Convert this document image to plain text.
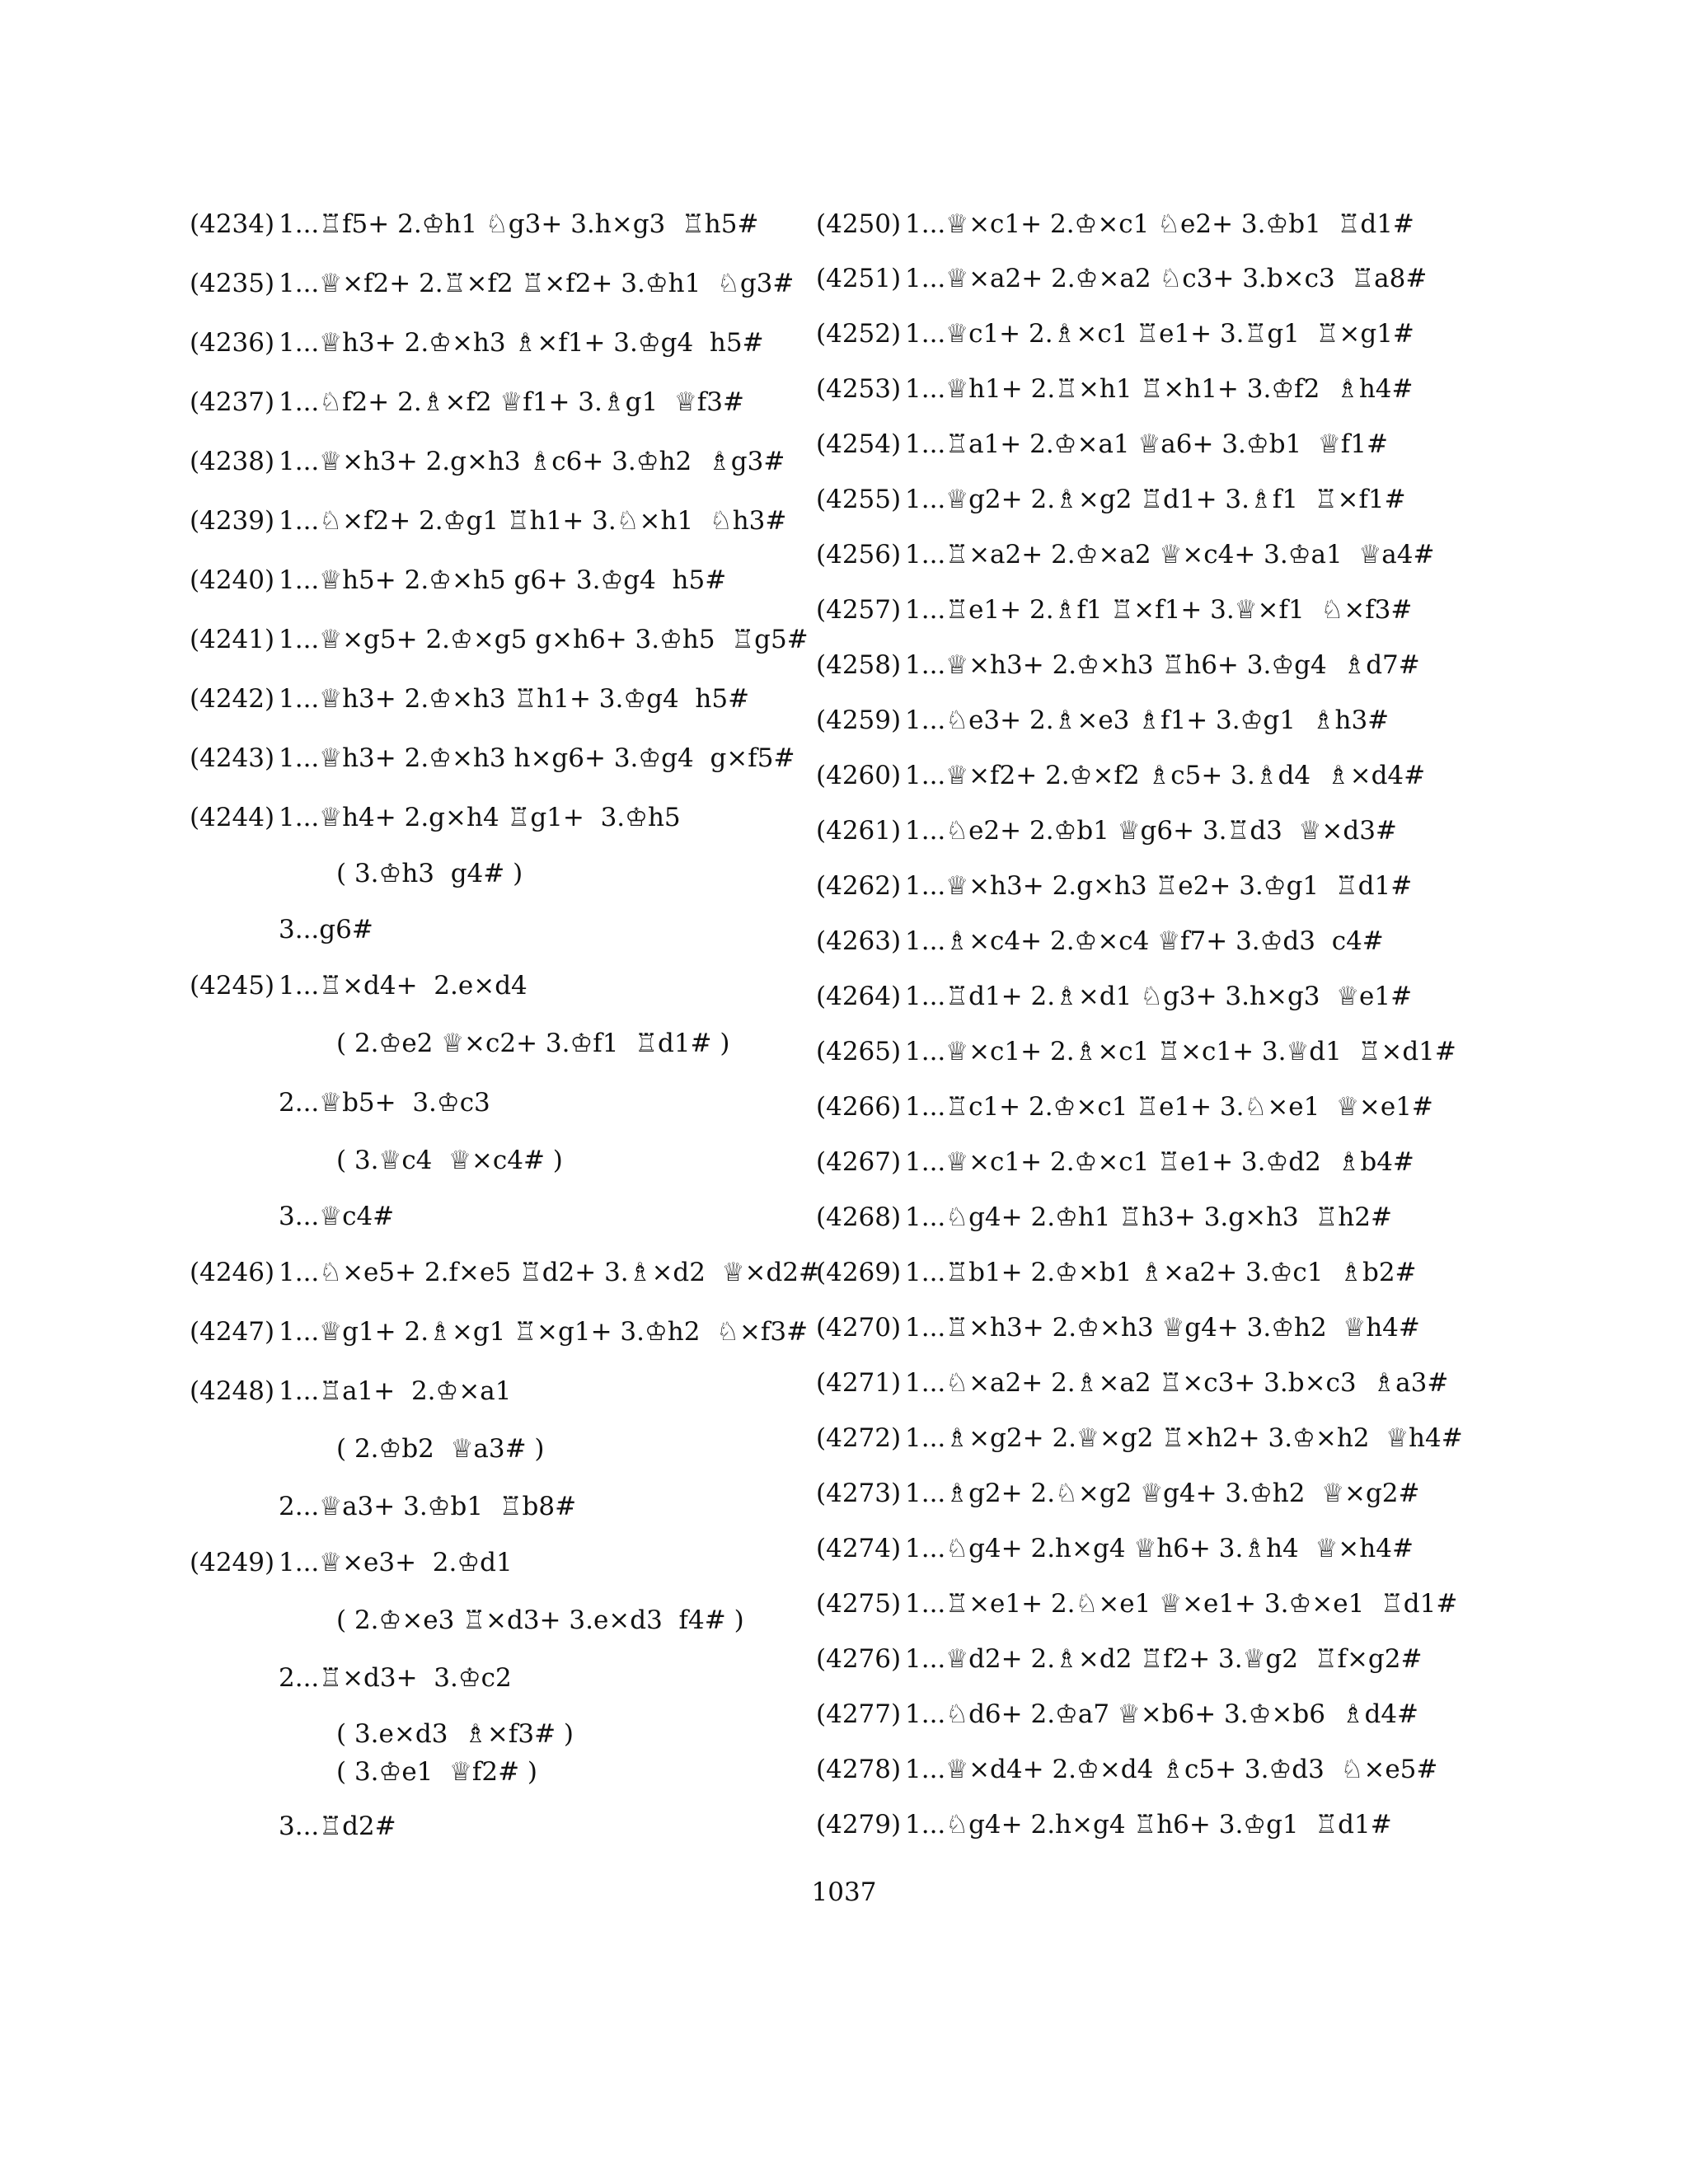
(4234) 1...♖f5+ 2.♔h1 ♘g3+ 3.h×g3  ♖h5#
(4235) 1...♕×f2+ 2.♖×f2 ♖×f2+ 3.♔h1  ♘g3#
(4236) 1...♕h3+ 2.♔×h3 ♗×f1+ 3.♔g4  h5#
(4237) 1...♘f2+ 2.♗×f2 ♕f1+ 3.♗g1  ♕f3#
(4238) 1...♕×h3+ 2.g×h3 ♗c6+ 3.♔h2  ♗g3#
(4239) 1...♘×f2+ 2.♔g1 ♖h1+ 3.♘×h1  ♘h3#
(4240) 1...♕h5+ 2.♔×h5 g6+ 3.♔g4  h5#
(4241) 1...♕×g5+ 2.♔×g5 g×h6+ 3.♔h5  ♖g5#
(4242) 1...♕h3+ 2.♔×h3 ♖h1+ 3.♔g4  h5#
(4243) 1...♕h3+ 2.♔×h3 h×g6+ 3.♔g4  g×f5#
(4244) 1...♕h4+ 2.g×h4 ♖g1+  3.♔h5
( 3.♔h3  g4# )
3...g6#
(4245) 1...♖×d4+  2.e×d4
( 2.♔e2 ♕×c2+ 3.♔f1  ♖d1# )
2...♕b5+  3.♔c3
( 3.♕c4  ♕×c4# )
3...♕c4#
(4246) 1...♘×e5+ 2.f×e5 ♖d2+ 3.♗×d2  ♕×d2#
(4247) 1...♕g1+ 2.♗×g1 ♖×g1+ 3.♔h2  ♘×f3#
(4248) 1...♖a1+  2.♔×a1
( 2.♔b2  ♕a3# )
2...♕a3+ 3.♔b1  ♖b8#
(4249) 1...♕×e3+  2.♔d1
( 2.♔×e3 ♖×d3+ 3.e×d3  f4# )
2...♖×d3+  3.♔c2
( 3.e×d3  ♗×f3# )
( 3.♔e1  ♕f2# )
3...♖d2#
(4250) 1...♕×c1+ 2.♔×c1 ♘e2+ 3.♔b1  ♖d1#
(4251) 1...♕×a2+ 2.♔×a2 ♘c3+ 3.b×c3  ♖a8#
(4252) 1...♕c1+ 2.♗×c1 ♖e1+ 3.♖g1  ♖×g1#
(4253) 1...♕h1+ 2.♖×h1 ♖×h1+ 3.♔f2  ♗h4#
(4254) 1...♖a1+ 2.♔×a1 ♕a6+ 3.♔b1  ♕f1#
(4255) 1...♕g2+ 2.♗×g2 ♖d1+ 3.♗f1  ♖×f1#
(4256) 1...♖×a2+ 2.♔×a2 ♕×c4+ 3.♔a1  ♕a4#
(4257) 1...♖e1+ 2.♗f1 ♖×f1+ 3.♕×f1  ♘×f3#
(4258) 1...♕×h3+ 2.♔×h3 ♖h6+ 3.♔g4  ♗d7#
(4259) 1...♘e3+ 2.♗×e3 ♗f1+ 3.♔g1  ♗h3#
(4260) 1...♕×f2+ 2.♔×f2 ♗c5+ 3.♗d4  ♗×d4#
(4261) 1...♘e2+ 2.♔b1 ♕g6+ 3.♖d3  ♕×d3#
(4262) 1...♕×h3+ 2.g×h3 ♖e2+ 3.♔g1  ♖d1#
(4263) 1...♗×c4+ 2.♔×c4 ♕f7+ 3.♔d3  c4#
(4264) 1...♖d1+ 2.♗×d1 ♘g3+ 3.h×g3  ♕e1#
(4265) 1...♕×c1+ 2.♗×c1 ♖×c1+ 3.♕d1  ♖×d1#
(4266) 1...♖c1+ 2.♔×c1 ♖e1+ 3.♘×e1  ♕×e1#
(4267) 1...♕×c1+ 2.♔×c1 ♖e1+ 3.♔d2  ♗b4#
(4268) 1...♘g4+ 2.♔h1 ♖h3+ 3.g×h3  ♖h2#
(4269) 1...♖b1+ 2.♔×b1 ♗×a2+ 3.♔c1  ♗b2#
(4270) 1...♖×h3+ 2.♔×h3 ♕g4+ 3.♔h2  ♕h4#
(4271) 1...♘×a2+ 2.♗×a2 ♖×c3+ 3.b×c3  ♗a3#
(4272) 1...♗×g2+ 2.♕×g2 ♖×h2+ 3.♔×h2  ♕h4#
(4273) 1...♗g2+ 2.♘×g2 ♕g4+ 3.♔h2  ♕×g2#
(4274) 1...♘g4+ 2.h×g4 ♕h6+ 3.♗h4  ♕×h4#
(4275) 1...♖×e1+ 2.♘×e1 ♕×e1+ 3.♔×e1  ♖d1#
(4276) 1...♕d2+ 2.♗×d2 ♖f2+ 3.♕g2  ♖f×g2#
(4277) 1...♘d6+ 2.♔a7 ♕×b6+ 3.♔×b6  ♗d4#
(4278) 1...♕×d4+ 2.♔×d4 ♗c5+ 3.♔d3  ♘×e5#
(4279) 1...♘g4+ 2.h×g4 ♖h6+ 3.♔g1  ♖d1#
1037
